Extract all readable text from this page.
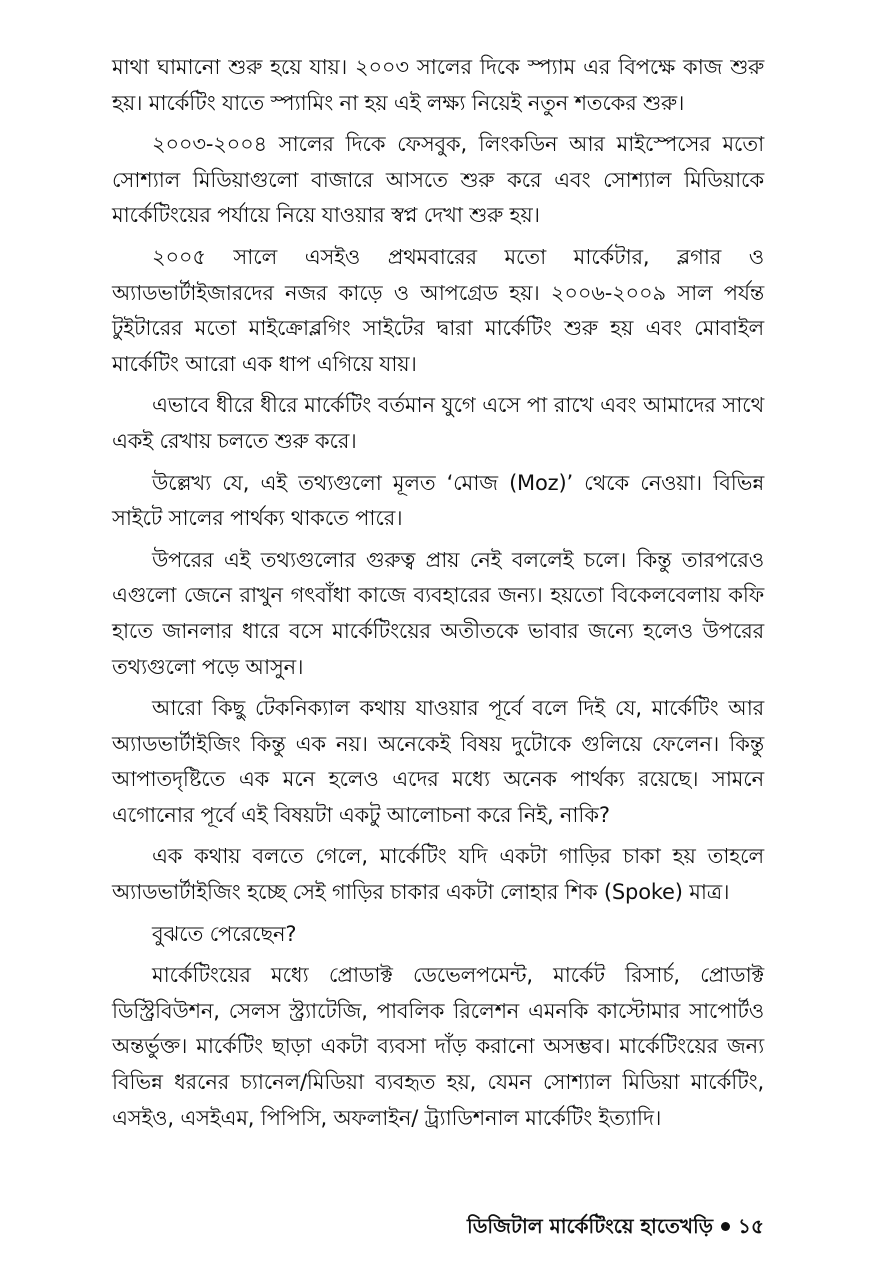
মাথা ঘামানো শুরু হয়ে যায়। ২০০৩ সালের দিকে স্প্যাম এর বিপক্ষে কাজ শুরু হয়। মার্কেটিং যাতে স্প্যামিং না হয় এই লক্ষ্য নিয়েই নতুন শতকের শুরু।

২০০৩-২০০৪ সালের দিকে ফেসবুক, লিংকডিন আর মাইস্পেসের মতো সোশ্যাল মিডিয়াগুলো বাজারে আসতে শুরু করে এবং সোশ্যাল মিডিয়াকে মার্কেটিংয়ের পর্যায়ে নিয়ে যাওয়ার স্বপ্ন দেখা শুরু হয়।

২০০৫ সালে এসইও প্রথমবারের মতো মার্কেটার, ব্লগার ও অ্যাডভার্টাইজারদের নজর কাড়ে ও আপগ্রেড হয়। ২০০৬-২০০৯ সাল পর্যন্ত টুইটারের মতো মাইক্রোব্লগিং সাইটের দ্বারা মার্কেটিং শুরু হয় এবং মোবাইল মার্কেটিং আরো এক ধাপ এগিয়ে যায়।

এভাবে ধীরে ধীরে মার্কেটিং বর্তমান যুগে এসে পা রাখে এবং আমাদের সাথে একই রেখায় চলতে শুরু করে।

উল্লেখ্য যে, এই তথ্যগুলো মূলত ‘মোজ (Moz)’ থেকে নেওয়া। বিভিন্ন সাইটে সালের পার্থক্য থাকতে পারে।

উপরের এই তথ্যগুলোর গুরুত্ব প্রায় নেই বললেই চলে। কিন্তু তারপরেও এগুলো জেনে রাখুন গৎবাঁধা কাজে ব্যবহারের জন্য। হয়তো বিকেলবেলায় কফি হাতে জানলার ধারে বসে মার্কেটিংয়ের অতীতকে ভাবার জন্যে হলেও উপরের তথ্যগুলো পড়ে আসুন।

আরো কিছু টেকনিক্যাল কথায় যাওয়ার পূর্বে বলে দিই যে, মার্কেটিং আর অ্যাডভার্টাইজিং কিন্তু এক নয়। অনেকেই বিষয় দুটোকে গুলিয়ে ফেলেন। কিন্তু আপাতদৃষ্টিতে এক মনে হলেও এদের মধ্যে অনেক পার্থক্য রয়েছে। সামনে এগোনোর পূর্বে এই বিষয়টা একটু আলোচনা করে নিই, নাকি?

এক কথায় বলতে গেলে, মার্কেটিং যদি একটা গাড়ির চাকা হয় তাহলে অ্যাডভার্টাইজিং হচ্ছে সেই গাড়ির চাকার একটা লোহার শিক (Spoke) মাত্র।

বুঝতে পেরেছেন?

মার্কেটিংয়ের মধ্যে প্রোডাক্ট ডেভেলপমেন্ট, মার্কেট রিসার্চ, প্রোডাক্ট ডিস্ট্রিবিউশন, সেলস স্ট্র্যাটেজি, পাবলিক রিলেশন এমনকি কাস্টোমার সাপোর্টও অন্তর্ভুক্ত। মার্কেটিং ছাড়া একটা ব্যবসা দাঁড় করানো অসম্ভব। মার্কেটিংয়ের জন্য বিভিন্ন ধরনের চ্যানেল/মিডিয়া ব্যবহৃত হয়, যেমন সোশ্যাল মিডিয়া মার্কেটিং, এসইও, এসইএম, পিপিসি, অফলাইন/ ট্র্যাডিশনাল মার্কেটিং ইত্যাদি।

ডিজিটাল মার্কেটিংয়ে হাতেখড়ি ১৫
